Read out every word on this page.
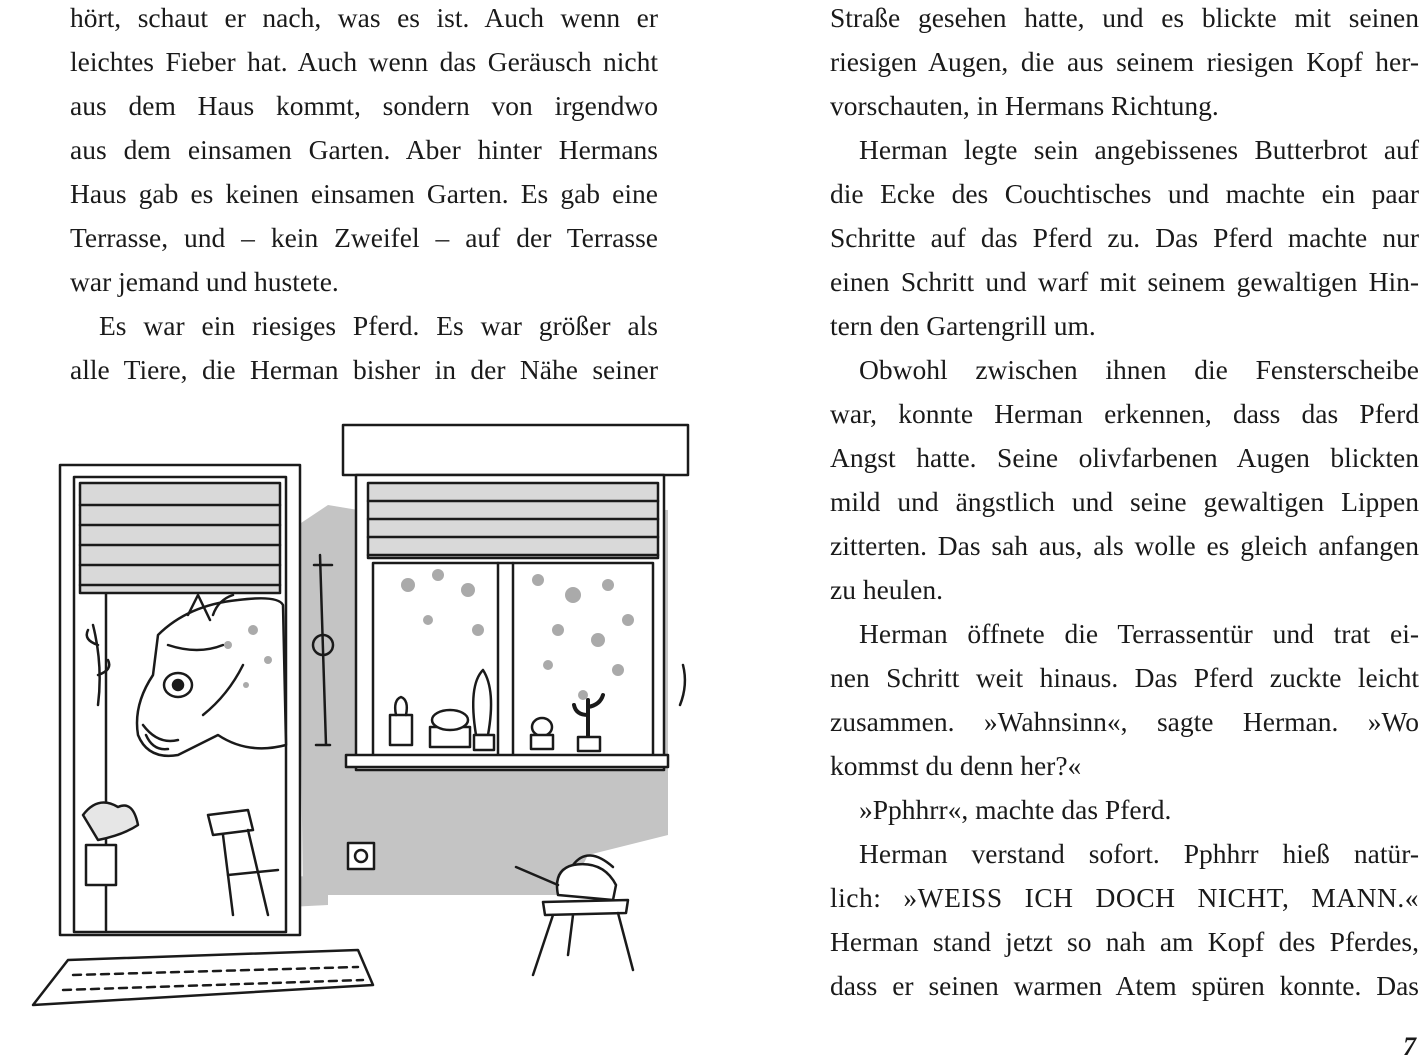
hört, schaut er nach, was es ist. Auch wenn er
leichtes Fieber hat. Auch wenn das Geräusch nicht
aus dem Haus kommt, sondern von irgendwo
aus dem einsamen Garten. Aber hinter Hermans
Haus gab es keinen einsamen Garten. Es gab eine
Terrasse, und – kein Zweifel – auf der Terrasse
war jemand und hustete.
Es war ein riesiges Pferd. Es war größer als
alle Tiere, die Herman bisher in der Nähe seiner
Straße gesehen hatte, und es blickte mit seinen
riesigen Augen, die aus seinem riesigen Kopf her-
vorschauten, in Hermans Richtung.
Herman legte sein angebissenes Butterbrot auf
die Ecke des Couchtisches und machte ein paar
Schritte auf das Pferd zu. Das Pferd machte nur
einen Schritt und warf mit seinem gewaltigen Hin-
tern den Gartengrill um.
Obwohl zwischen ihnen die Fensterscheibe
war, konnte Herman erkennen, dass das Pferd
Angst hatte. Seine olivfarbenen Augen blickten
mild und ängstlich und seine gewaltigen Lippen
zitterten. Das sah aus, als wolle es gleich anfangen
zu heulen.
Herman öffnete die Terrassentür und trat ei-
nen Schritt weit hinaus. Das Pferd zuckte leicht
zusammen. »Wahnsinn«, sagte Herman. »Wo
kommst du denn her?«
»Pphhrr«, machte das Pferd.
Herman verstand sofort. Pphhrr hieß natür-
lich: »WEISS ICH DOCH NICHT, MANN.«
Herman stand jetzt so nah am Kopf des Pferdes,
dass er seinen warmen Atem spüren konnte. Das
7
